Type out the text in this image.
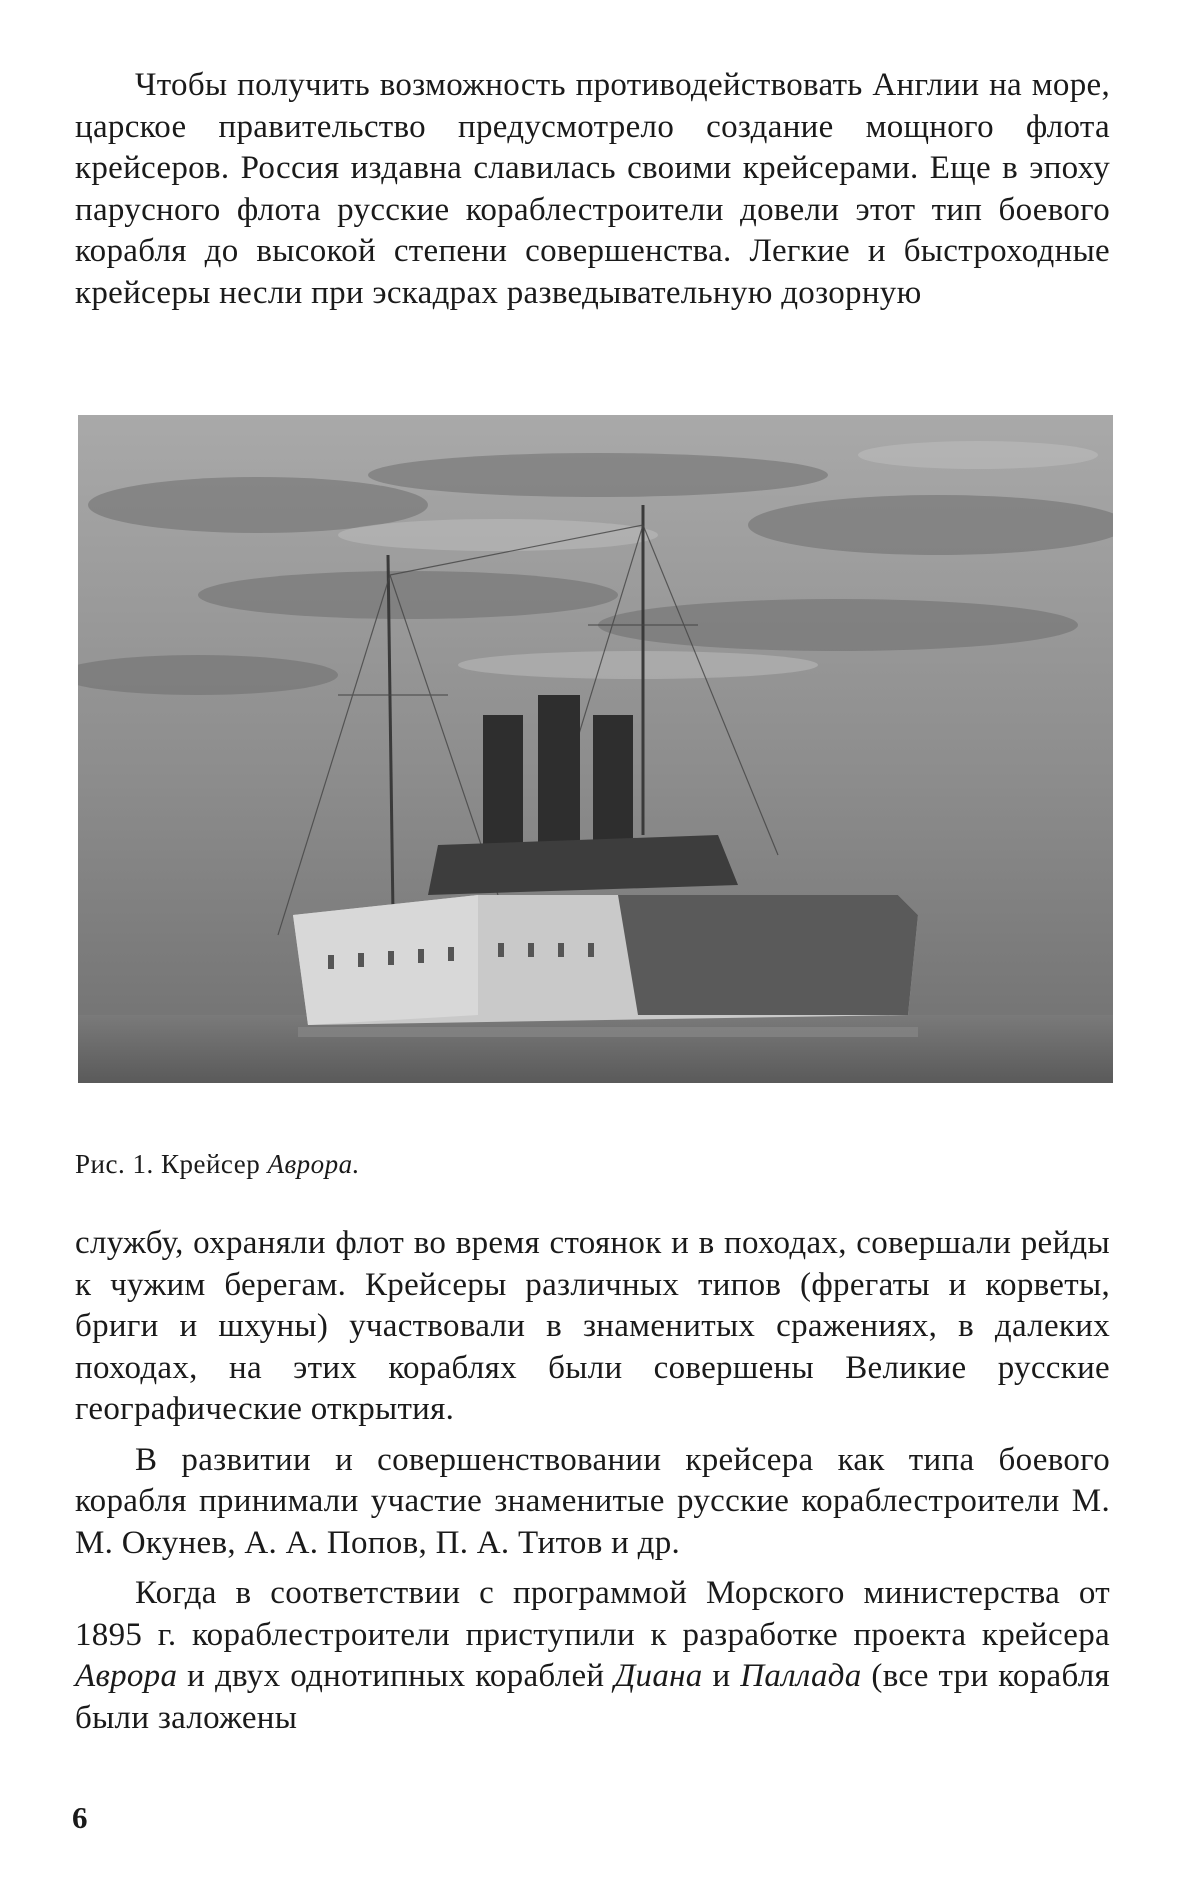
Чтобы получить возможность противодействовать Англии на море, царское правительство предусмотрело создание мощного флота крейсеров. Россия издавна славилась своими крейсерами. Еще в эпоху парусного флота русские кораблестроители довели этот тип боевого корабля до высокой степени совершенства. Легкие и быстроходные крейсеры несли при эскадрах разведывательную дозорную

Рис. 1. Крейсер Аврора.

службу, охраняли флот во время стоянок и в походах, совершали рейды к чужим берегам. Крейсеры различных типов (фрегаты и корветы, бриги и шхуны) участвовали в знаменитых сражениях, в далеких походах, на этих кораблях были совершены Великие русские географические открытия.

В развитии и совершенствовании крейсера как типа боевого корабля принимали участие знаменитые русские кораблестроители М. М. Окунев, А. А. Попов, П. А. Титов и др.

Когда в соответствии с программой Морского министерства от 1895 г. кораблестроители приступили к разработке проекта крейсера Аврора и двух однотипных кораблей Диана и Паллада (все три корабля были заложены

6
